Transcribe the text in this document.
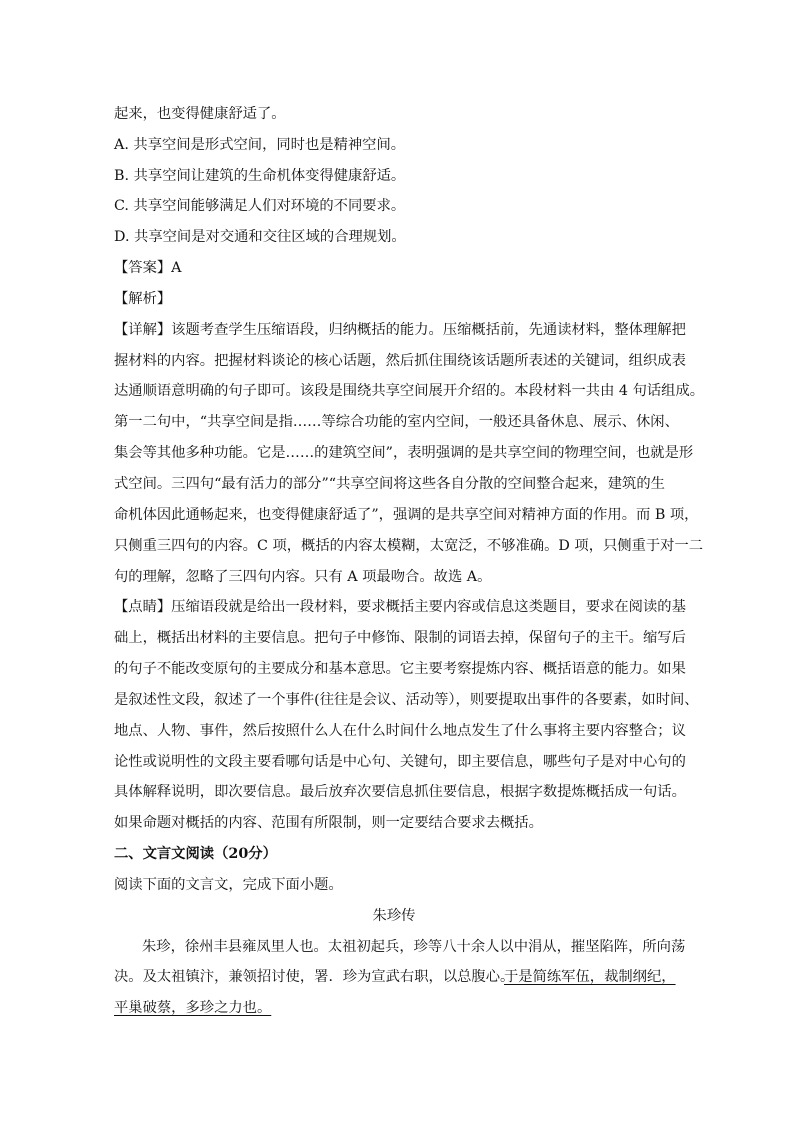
起来，也变得健康舒适了。
A. 共享空间是形式空间，同时也是精神空间。
B. 共享空间让建筑的生命机体变得健康舒适。
C. 共享空间能够满足人们对环境的不同要求。
D. 共享空间是对交通和交往区域的合理规划。
【答案】A
【解析】
【详解】该题考查学生压缩语段，归纳概括的能力。压缩概括前，先通读材料，整体理解把
握材料的内容。把握材料谈论的核心话题，然后抓住围绕该话题所表述的关键词，组织成表
达通顺语意明确的句子即可。该段是围绕共享空间展开介绍的。本段材料一共由 4 句话组成。
第一二句中，“共享空间是指……等综合功能的室内空间，一般还具备休息、展示、休闲、
集会等其他多种功能。它是……的建筑空间”，表明强调的是共享空间的物理空间，也就是形
式空间。三四句“最有活力的部分”“共享空间将这些各自分散的空间整合起来，建筑的生
命机体因此通畅起来，也变得健康舒适了”，强调的是共享空间对精神方面的作用。而 B 项，
只侧重三四句的内容。C 项，概括的内容太模糊，太宽泛，不够准确。D 项，只侧重于对一二
句的理解，忽略了三四句内容。只有 A 项最吻合。故选 A。
【点睛】压缩语段就是给出一段材料，要求概括主要内容或信息这类题目，要求在阅读的基
础上，概括出材料的主要信息。把句子中修饰、限制的词语去掉，保留句子的主干。缩写后
的句子不能改变原句的主要成分和基本意思。它主要考察提炼内容、概括语意的能力。如果
是叙述性文段，叙述了一个事件(往往是会议、活动等），则要提取出事件的各要素，如时间、
地点、人物、事件，然后按照什么人在什么时间什么地点发生了什么事将主要内容整合；议
论性或说明性的文段主要看哪句话是中心句、关键句，即主要信息，哪些句子是对中心句的
具体解释说明，即次要信息。最后放弃次要信息抓住要信息，根据字数提炼概括成一句话。
如果命题对概括的内容、范围有所限制，则一定要结合要求去概括。
二、文言文阅读（20分）
阅读下面的文言文，完成下面小题。
朱珍传
朱珍，徐州丰县雍凤里人也。太祖初起兵，珍等八十余人以中涓从，摧坚陷阵，所向荡
决。及太祖镇汴，兼领招讨使，署．珍为宣武右职，以总腹心。
于是简练军伍，裁制纲纪，
平巢破蔡，多珍之力也。
